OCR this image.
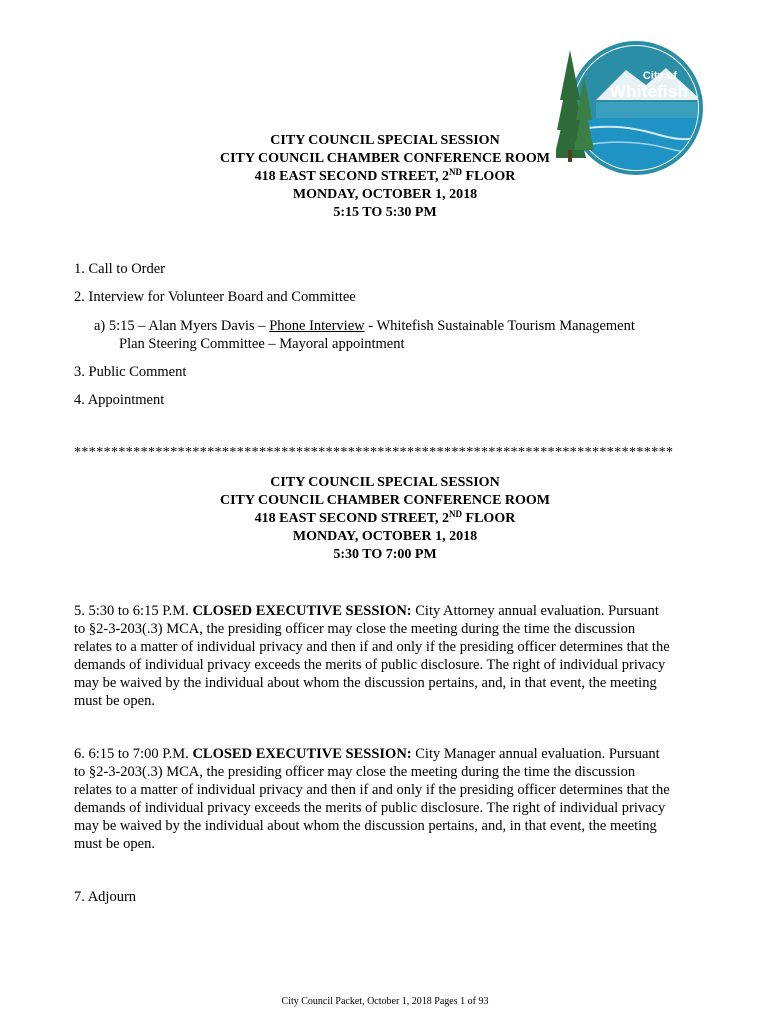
City of
Whitefish
CITY COUNCIL SPECIAL SESSION
CITY COUNCIL CHAMBER CONFERENCE ROOM
418 EAST SECOND STREET, 2ND FLOOR
MONDAY, OCTOBER 1, 2018
5:15 TO 5:30 PM
1. Call to Order
2. Interview for Volunteer Board and Committee
a) 5:15 – Alan Myers Davis – Phone Interview - Whitefish Sustainable Tourism Management
Plan Steering Committee – Mayoral appointment
3. Public Comment
4. Appointment
*********************************************************************************
CITY COUNCIL SPECIAL SESSION
CITY COUNCIL CHAMBER CONFERENCE ROOM
418 EAST SECOND STREET, 2ND FLOOR
MONDAY, OCTOBER 1, 2018
5:30 TO 7:00 PM
5. 5:30 to 6:15 P.M. CLOSED EXECUTIVE SESSION: City Attorney annual evaluation. Pursuant
to §2-3-203(.3) MCA, the presiding officer may close the meeting during the time the discussion
relates to a matter of individual privacy and then if and only if the presiding officer determines that the
demands of individual privacy exceeds the merits of public disclosure. The right of individual privacy
may be waived by the individual about whom the discussion pertains, and, in that event, the meeting
must be open.
6. 6:15 to 7:00 P.M. CLOSED EXECUTIVE SESSION: City Manager annual evaluation. Pursuant
to §2-3-203(.3) MCA, the presiding officer may close the meeting during the time the discussion
relates to a matter of individual privacy and then if and only if the presiding officer determines that the
demands of individual privacy exceeds the merits of public disclosure. The right of individual privacy
may be waived by the individual about whom the discussion pertains, and, in that event, the meeting
must be open.
7. Adjourn
City Council Packet, October 1, 2018 Pages 1 of 93
